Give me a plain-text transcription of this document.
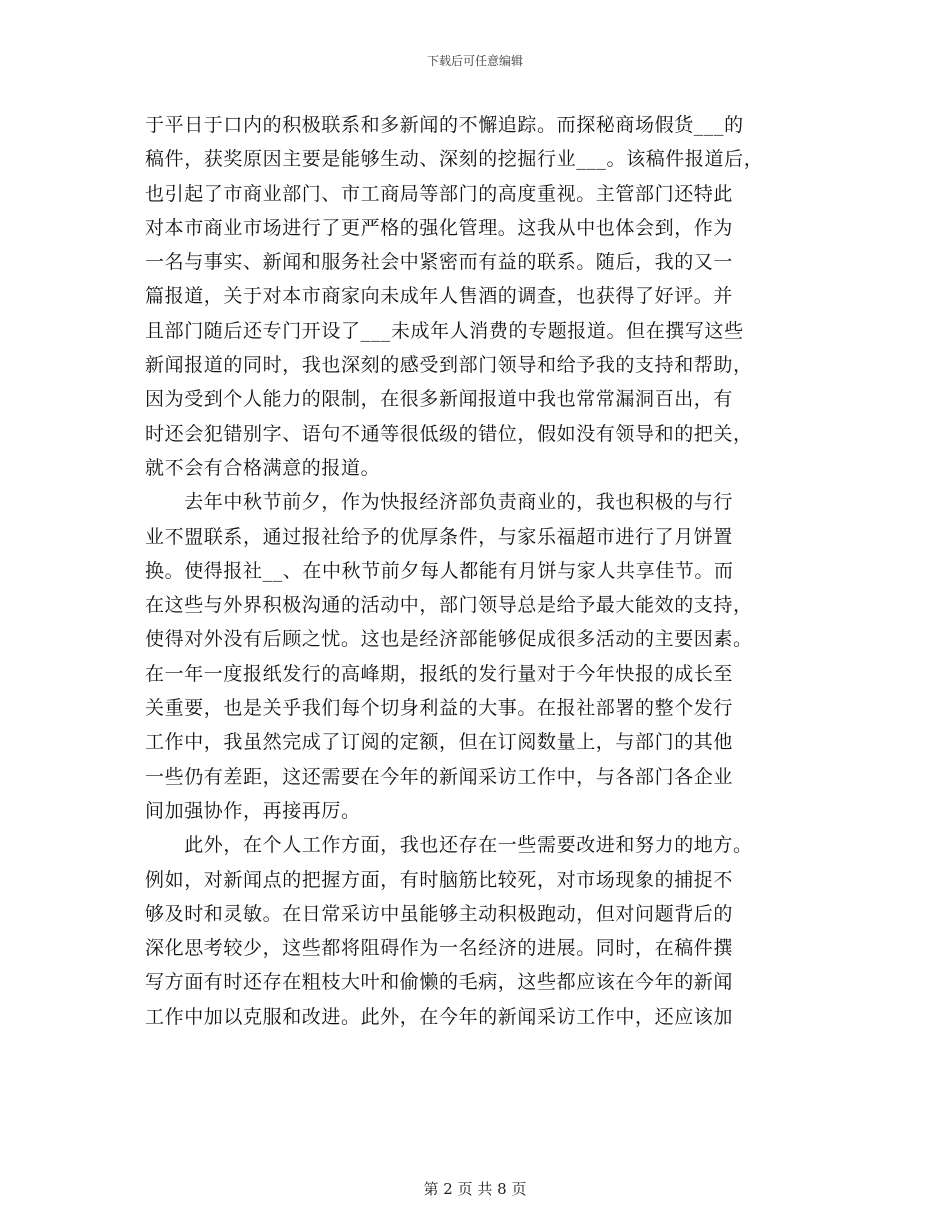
下载后可任意编辑
于平日于口内的积极联系和多新闻的不懈追踪。而探秘商场假货___的
稿件，获奖原因主要是能够生动、深刻的挖掘行业___。该稿件报道后，
也引起了市商业部门、市工商局等部门的高度重视。主管部门还特此
对本市商业市场进行了更严格的强化管理。这我从中也体会到，作为
一名与事实、新闻和服务社会中紧密而有益的联系。随后，我的又一
篇报道，关于对本市商家向未成年人售酒的调查，也获得了好评。并
且部门随后还专门开设了___未成年人消费的专题报道。但在撰写这些
新闻报道的同时，我也深刻的感受到部门领导和给予我的支持和帮助，
因为受到个人能力的限制，在很多新闻报道中我也常常漏洞百出，有
时还会犯错别字、语句不通等很低级的错位，假如没有领导和的把关，
就不会有合格满意的报道。
　　去年中秋节前夕，作为快报经济部负责商业的，我也积极的与行
业不盟联系，通过报社给予的优厚条件，与家乐福超市进行了月饼置
换。使得报社__、在中秋节前夕每人都能有月饼与家人共享佳节。而
在这些与外界积极沟通的活动中，部门领导总是给予最大能效的支持，
使得对外没有后顾之忧。这也是经济部能够促成很多活动的主要因素。
在一年一度报纸发行的高峰期，报纸的发行量对于今年快报的成长至
关重要，也是关乎我们每个切身利益的大事。在报社部署的整个发行
工作中，我虽然完成了订阅的定额，但在订阅数量上，与部门的其他
一些仍有差距，这还需要在今年的新闻采访工作中，与各部门各企业
间加强协作，再接再厉。
　　此外，在个人工作方面，我也还存在一些需要改进和努力的地方。
例如，对新闻点的把握方面，有时脑筋比较死，对市场现象的捕捉不
够及时和灵敏。在日常采访中虽能够主动积极跑动，但对问题背后的
深化思考较少，这些都将阻碍作为一名经济的进展。同时，在稿件撰
写方面有时还存在粗枝大叶和偷懒的毛病，这些都应该在今年的新闻
工作中加以克服和改进。此外，在今年的新闻采访工作中，还应该加
第 2 页 共 8 页
